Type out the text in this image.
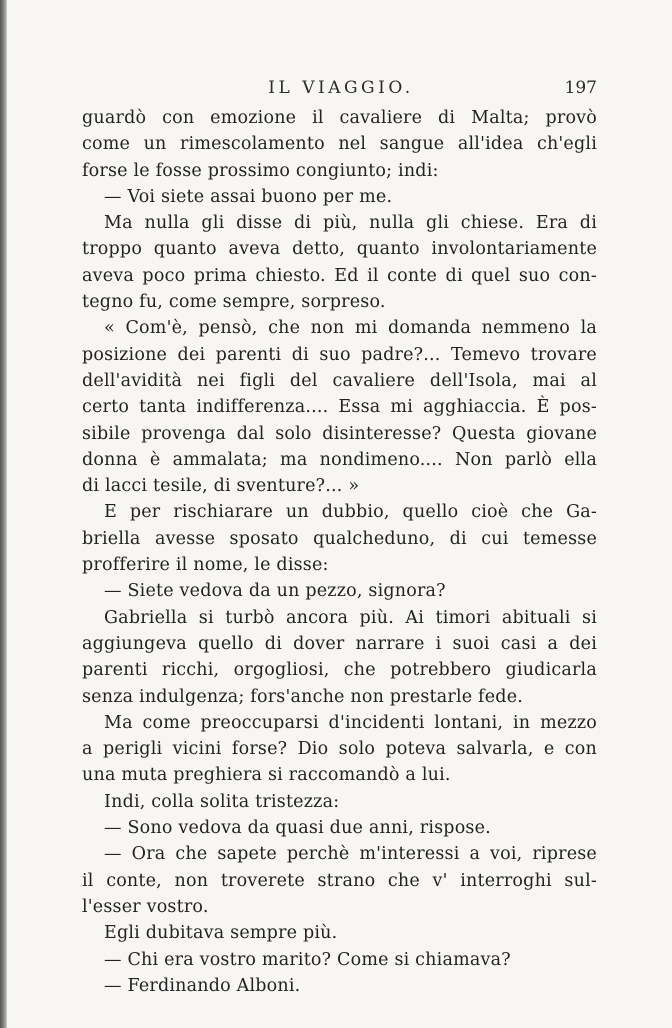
IL VIAGGIO.	197
guardò con emozione il cavaliere di Malta; provò
come un rimescolamento nel sangue all'idea ch'egli
forse le fosse prossimo congiunto; indi:
— Voi siete assai buono per me.
Ma nulla gli disse di più, nulla gli chiese. Era di
troppo quanto aveva detto, quanto involontariamente
aveva poco prima chiesto. Ed il conte di quel suo con-
tegno fu, come sempre, sorpreso.
« Com'è, pensò, che non mi domanda nemmeno la
posizione dei parenti di suo padre?... Temevo trovare
dell'avidità nei figli del cavaliere dell'Isola, mai al
certo tanta indifferenza.... Essa mi agghiaccia. È pos-
sibile provenga dal solo disinteresse? Questa giovane
donna è ammalata; ma nondimeno.... Non parlò ella
di lacci tesile, di sventure?... »
E per rischiarare un dubbio, quello cioè che Ga-
briella avesse sposato qualcheduno, di cui temesse
profferire il nome, le disse:
— Siete vedova da un pezzo, signora?
Gabriella si turbò ancora più. Ai timori abituali si
aggiungeva quello di dover narrare i suoi casi a dei
parenti ricchi, orgogliosi, che potrebbero giudicarla
senza indulgenza; fors'anche non prestarle fede.
Ma come preoccuparsi d'incidenti lontani, in mezzo
a perigli vicini forse? Dio solo poteva salvarla, e con
una muta preghiera si raccomandò a lui.
Indi, colla solita tristezza:
— Sono vedova da quasi due anni, rispose.
— Ora che sapete perchè m'interessi a voi, riprese
il conte, non troverete strano che v' interroghi sul-
l'esser vostro.
Egli dubitava sempre più.
— Chi era vostro marito? Come si chiamava?
— Ferdinando Alboni.
